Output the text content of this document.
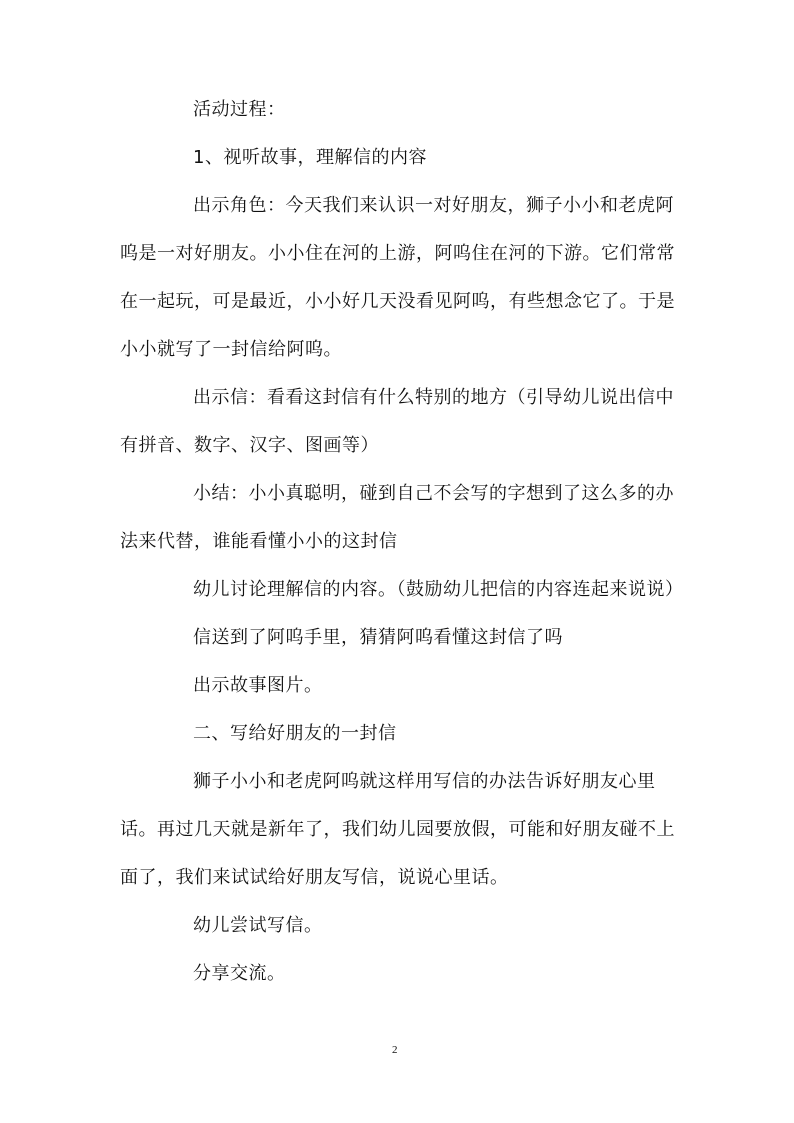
活动过程：
1、视听故事，理解信的内容
出示角色：今天我们来认识一对好朋友，狮子小小和老虎阿
呜是一对好朋友。小小住在河的上游，阿呜住在河的下游。它们常常
在一起玩，可是最近，小小好几天没看见阿呜，有些想念它了。于是
小小就写了一封信给阿呜。
出示信：看看这封信有什么特别的地方（引导幼儿说出信中
有拼音、数字、汉字、图画等）
小结：小小真聪明，碰到自己不会写的字想到了这么多的办
法来代替，谁能看懂小小的这封信
幼儿讨论理解信的内容。（鼓励幼儿把信的内容连起来说说）
信送到了阿呜手里，猜猜阿呜看懂这封信了吗
出示故事图片。
二、写给好朋友的一封信
狮子小小和老虎阿呜就这样用写信的办法告诉好朋友心里
话。再过几天就是新年了，我们幼儿园要放假，可能和好朋友碰不上
面了，我们来试试给好朋友写信，说说心里话。
幼儿尝试写信。
分享交流。
2
